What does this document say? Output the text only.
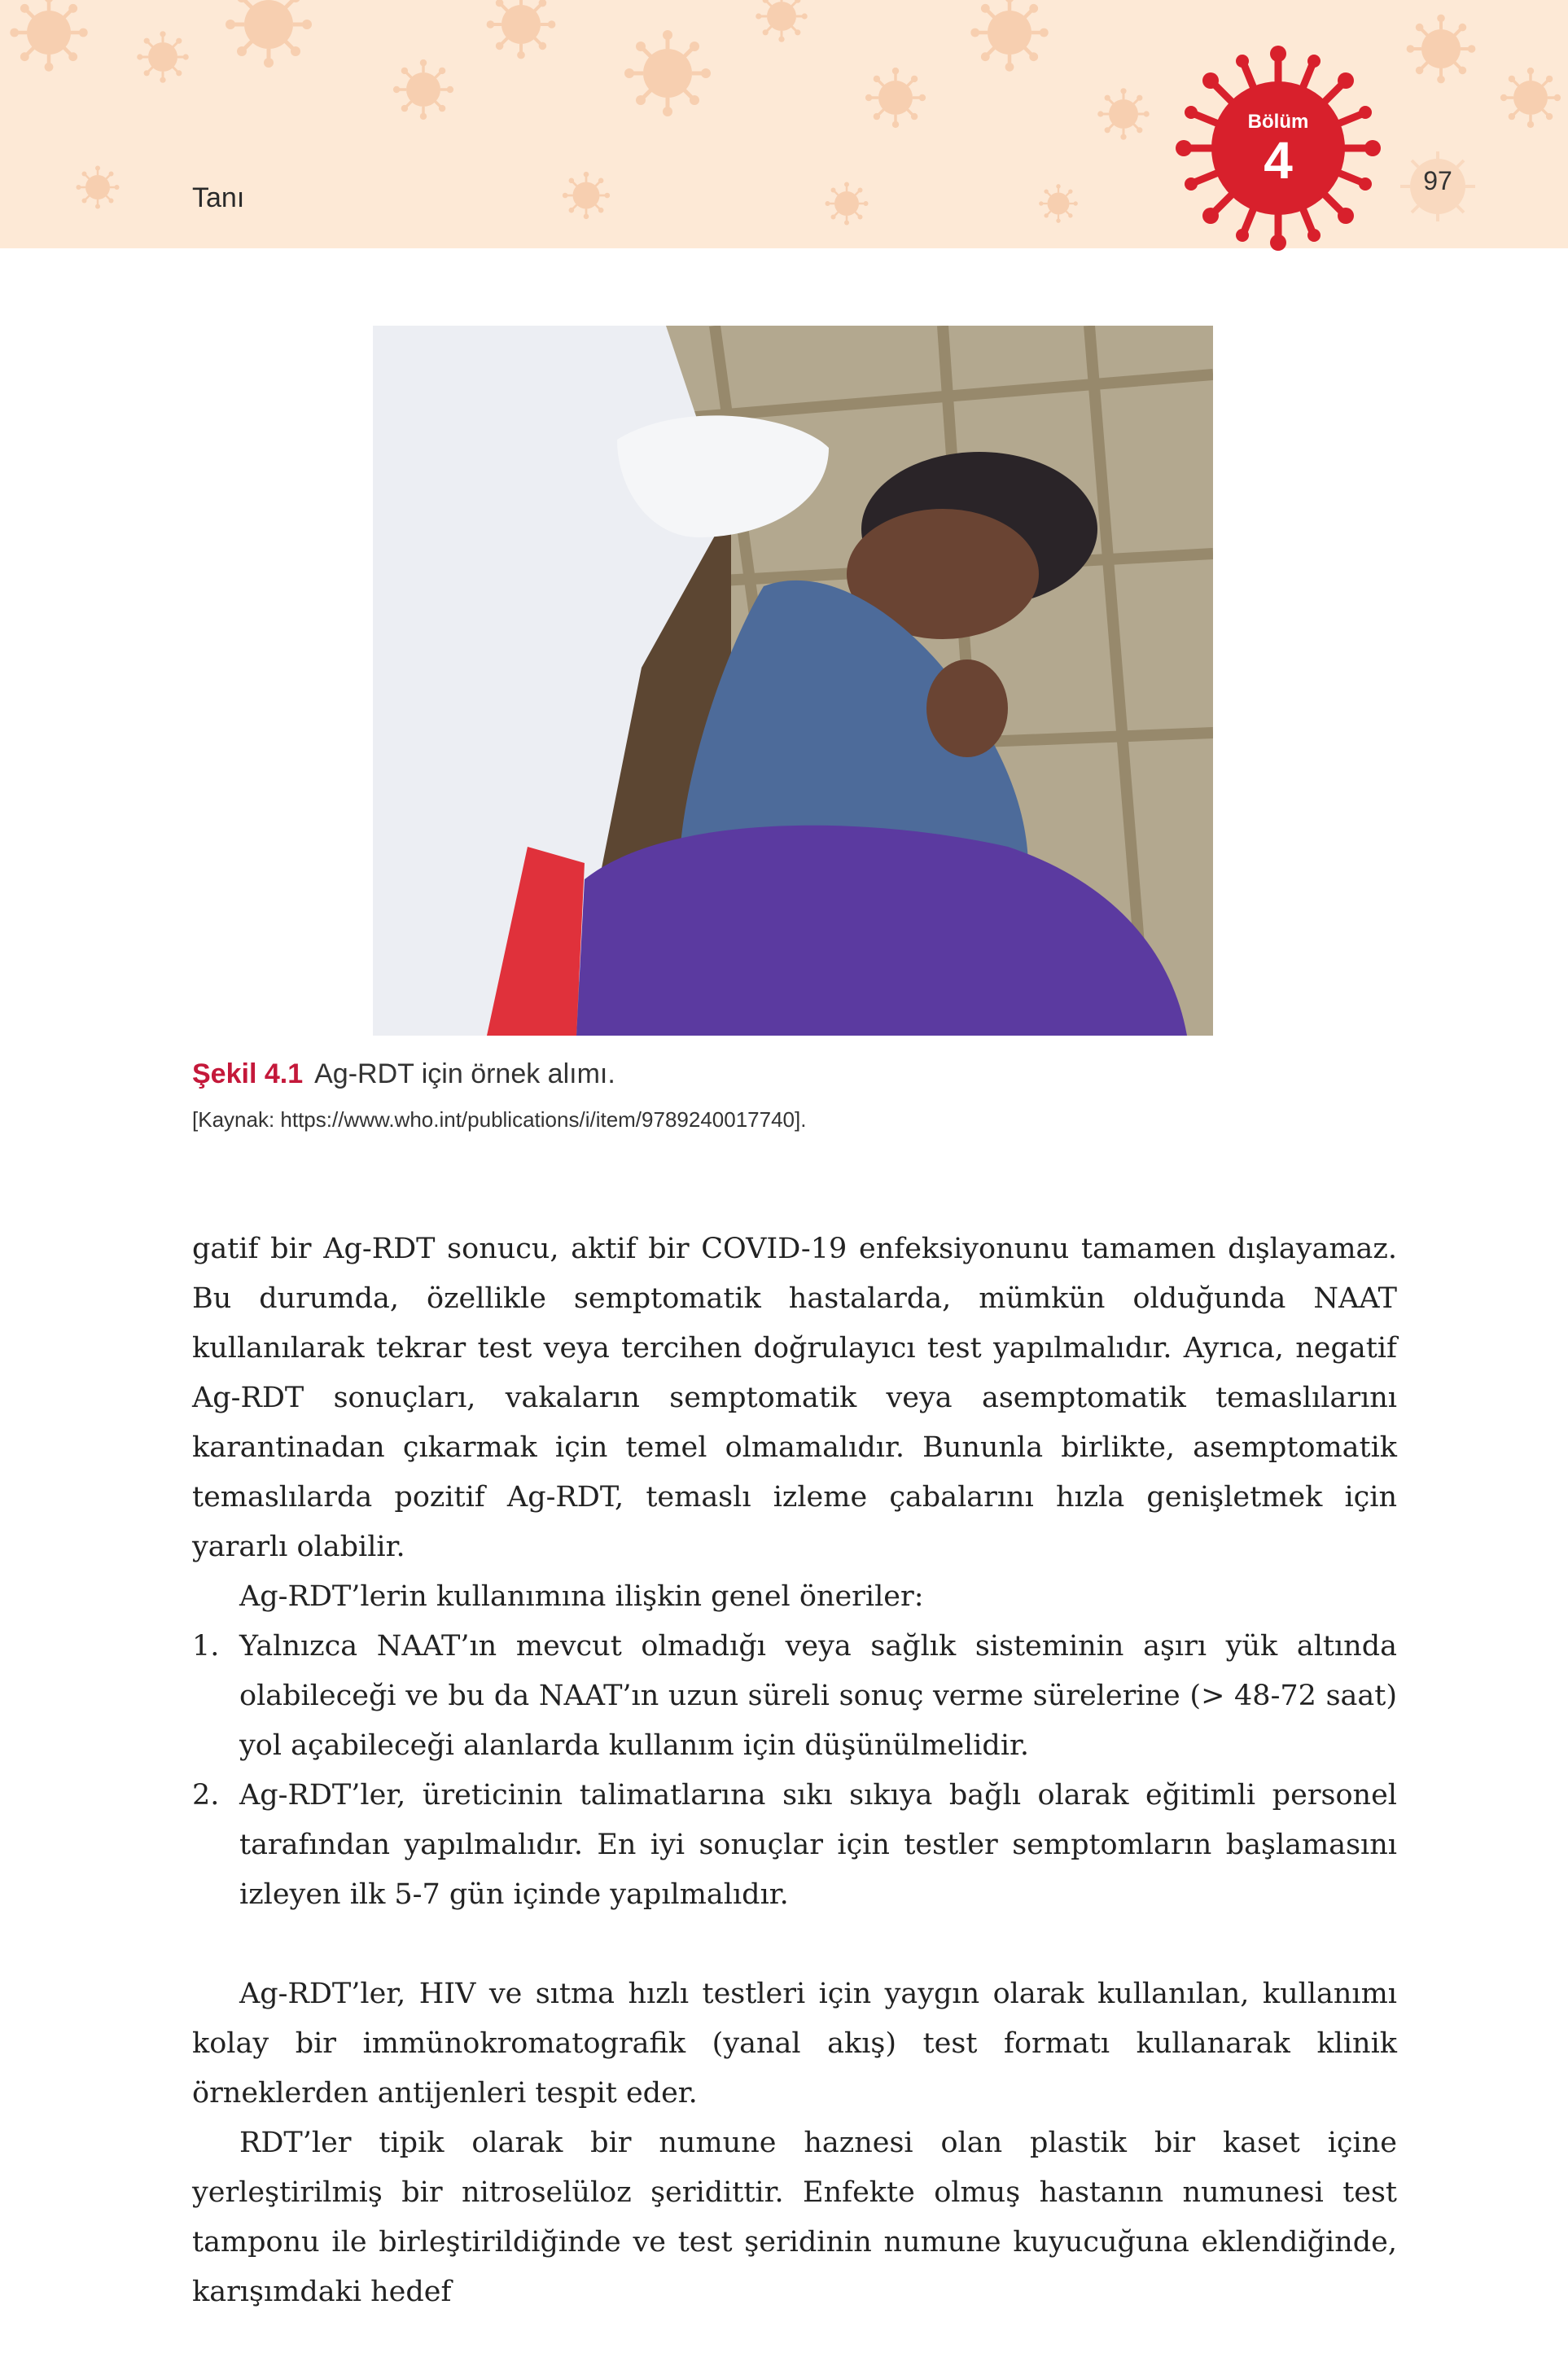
Tanı
Bölüm
4	97
Şekil 4.1 Ag-RDT için örnek alımı.
[Kaynak: https://www.who.int/publications/i/item/9789240017740].

gatif bir Ag-RDT sonucu, aktif bir COVID-19 enfeksiyonunu tamamen dışlayamaz. Bu durumda, özellikle semptomatik hastalarda, mümkün olduğunda NAAT kullanılarak tekrar test veya tercihen doğrulayıcı test yapılmalıdır. Ayrıca, negatif Ag-RDT sonuçları, vakaların semptomatik veya asemptomatik temaslılarını karantinadan çıkarmak için temel olmamalıdır. Bununla birlikte, asemptomatik temaslılarda pozitif Ag-RDT, temaslı izleme çabalarını hızla genişletmek için yararlı olabilir.

Ag-RDT’lerin kullanımına ilişkin genel öneriler:

1. Yalnızca NAAT’ın mevcut olmadığı veya sağlık sisteminin aşırı yük altında olabileceği ve bu da NAAT’ın uzun süreli sonuç verme sürelerine (> 48-72 saat) yol açabileceği alanlarda kullanım için düşünülmelidir.
2. Ag-RDT’ler, üreticinin talimatlarına sıkı sıkıya bağlı olarak eğitimli personel tarafından yapılmalıdır. En iyi sonuçlar için testler semptomların başlamasını izleyen ilk 5-7 gün içinde yapılmalıdır.

Ag-RDT’ler, HIV ve sıtma hızlı testleri için yaygın olarak kullanılan, kullanımı kolay bir immünokromatografik (yanal akış) test formatı kullanarak klinik örneklerden antijenleri tespit eder.

RDT’ler tipik olarak bir numune haznesi olan plastik bir kaset içine yerleştirilmiş bir nitroselüloz şeridittir. Enfekte olmuş hastanın numunesi test tamponu ile birleştirildiğinde ve test şeridinin numune kuyucuğuna eklendiğinde, karışımdaki hedef
